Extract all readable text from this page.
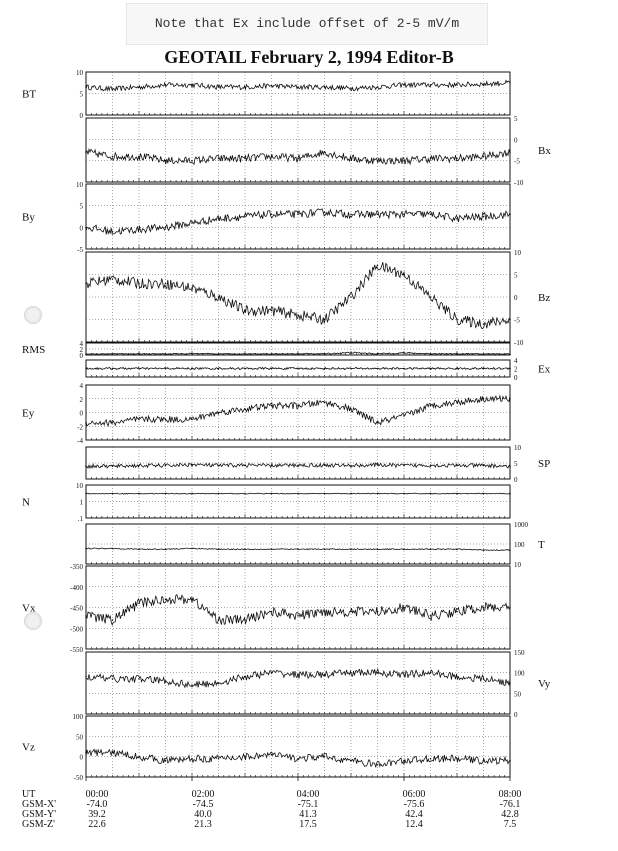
Note that Ex include offset of 2-5 mV/m
GEOTAIL February 2, 1994 Editor-B
10
5
0
BT
5
0
-5
-10
Bx
10
5
0
-5
By
10
5
0
-5
-10
Bz
4
2
0
RMS
4
2
0
Ex
4
2
0
-2
-4
Ey
10
5
0
SP
10
1
.1
N
1000
100
10
T
-350
-400
-450
-500
-550
Vx
150
100
50
0
Vy
100
50
0
-50
Vz
UT
GSM-X'
GSM-Y'
GSM-Z'
00:00
-74.0
39.2
22.6
02:00
-74.5
40.0
21.3
04:00
-75.1
41.3
17.5
06:00
-75.6
42.4
12.4
08:00
-76.1
42.8
7.5
